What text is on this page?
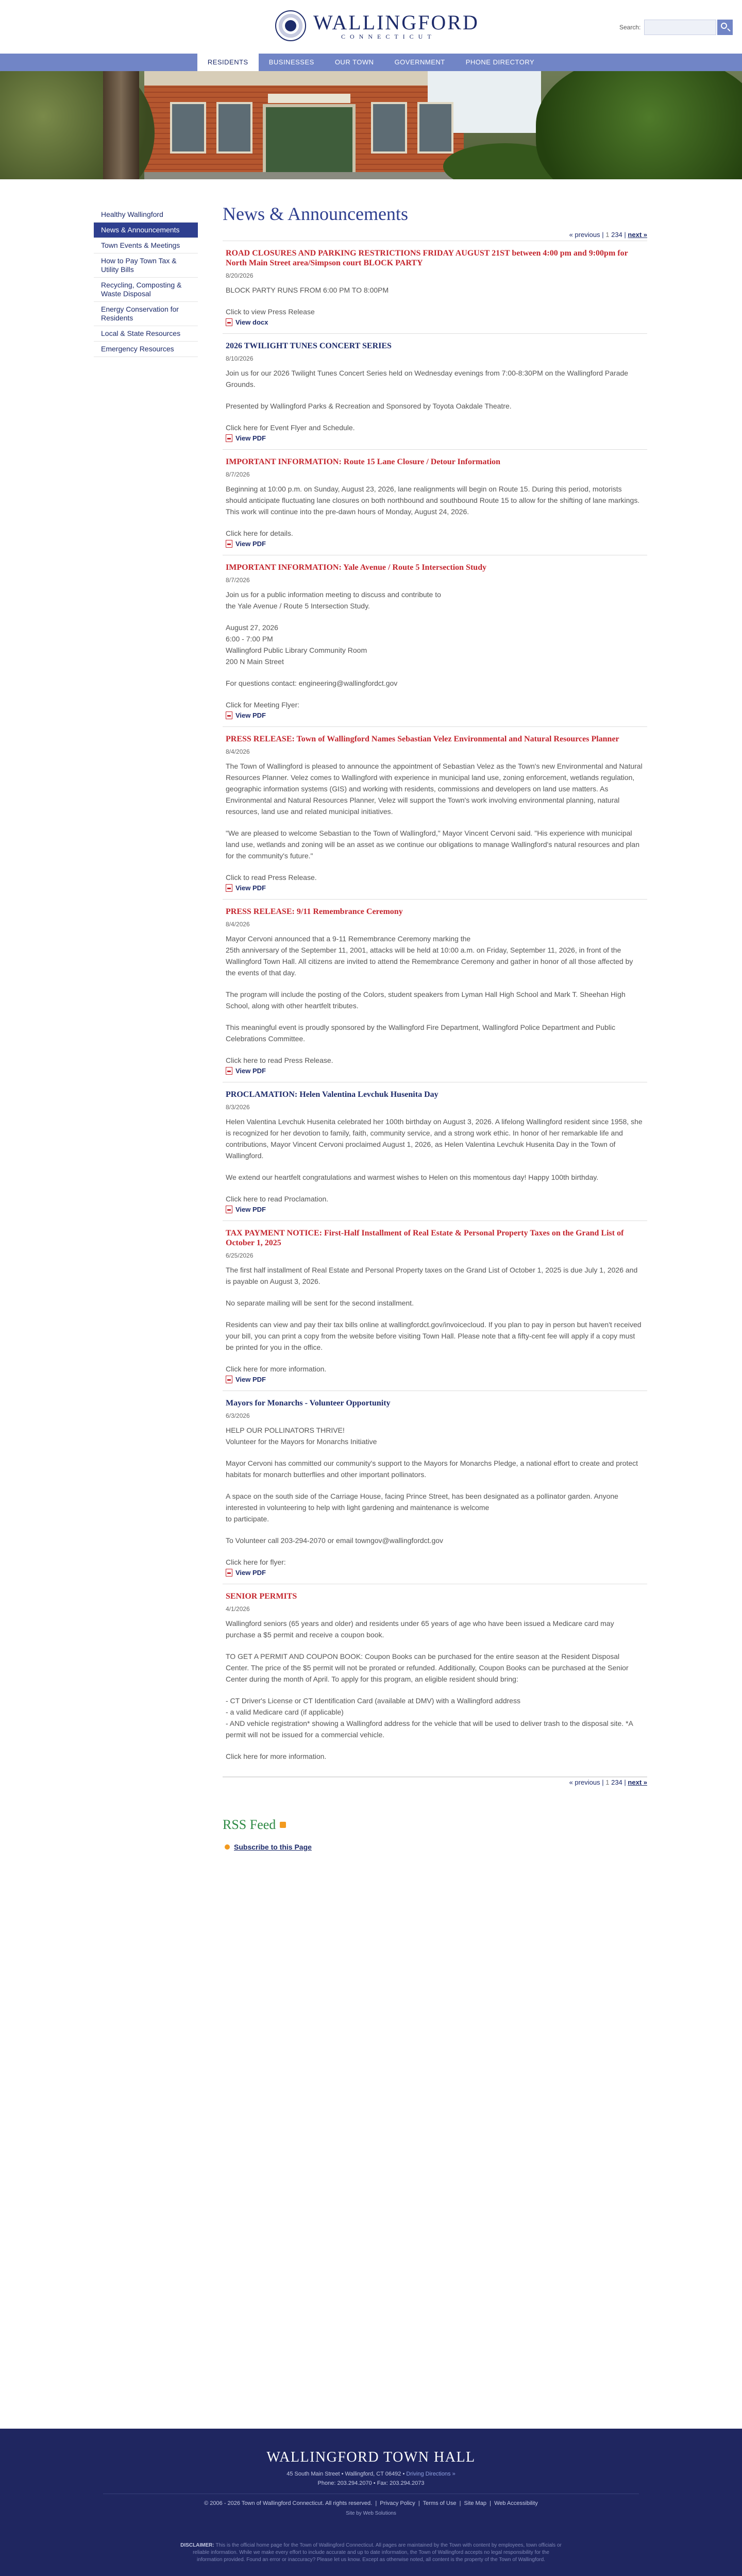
WALLINGFORD
CONNECTICUT
Search:
RESIDENTS	BUSINESSES	OUR TOWN	GOVERNMENT	PHONE DIRECTORY
Healthy Wallingford
News & Announcements
Town Events & Meetings
How to Pay Town Tax & Utility Bills
Recycling, Composting & Waste Disposal
Energy Conservation for Residents
Local & State Resources
Emergency Resources
News & Announcements
« previous | 1 234 | next »
ROAD CLOSURES AND PARKING RESTRICTIONS FRIDAY AUGUST 21ST between 4:00 pm and 9:00pm for North Main Street area/Simpson court BLOCK PARTY
8/20/2026
BLOCK PARTY RUNS FROM 6:00 PM TO 8:00PM
Click to view Press Release
View docx
2026 TWILIGHT TUNES CONCERT SERIES
8/10/2026
Join us for our 2026 Twilight Tunes Concert Series held on Wednesday evenings from 7:00-8:30PM on the Wallingford Parade Grounds.
Presented by Wallingford Parks & Recreation and Sponsored by Toyota Oakdale Theatre.
Click here for Event Flyer and Schedule.
View PDF
IMPORTANT INFORMATION: Route 15 Lane Closure / Detour Information
8/7/2026
Beginning at 10:00 p.m. on Sunday, August 23, 2026, lane realignments will begin on Route 15. During this period, motorists should anticipate fluctuating lane closures on both northbound and southbound Route 15 to allow for the shifting of lane markings. This work will continue into the pre-dawn hours of Monday, August 24, 2026.
Click here for details.
View PDF
IMPORTANT INFORMATION: Yale Avenue / Route 5 Intersection Study
8/7/2026
Join us for a public information meeting to discuss and contribute to
the Yale Avenue / Route 5 Intersection Study.
August 27, 2026
6:00 - 7:00 PM
Wallingford Public Library Community Room
200 N Main Street
For questions contact: engineering@wallingfordct.gov
Click for Meeting Flyer:
View PDF
PRESS RELEASE: Town of Wallingford Names Sebastian Velez Environmental and Natural Resources Planner
8/4/2026
The Town of Wallingford is pleased to announce the appointment of Sebastian Velez as the Town's new Environmental and Natural Resources Planner. Velez comes to Wallingford with experience in municipal land use, zoning enforcement, wetlands regulation, geographic information systems (GIS) and working with residents, commissions and developers on land use matters. As Environmental and Natural Resources Planner, Velez will support the Town's work involving environmental planning, natural resources, land use and related municipal initiatives.
"We are pleased to welcome Sebastian to the Town of Wallingford," Mayor Vincent Cervoni said. "His experience with municipal land use, wetlands and zoning will be an asset as we continue our obligations to manage Wallingford's natural resources and plan for the community's future."
Click to read Press Release.
View PDF
PRESS RELEASE: 9/11 Remembrance Ceremony
8/4/2026
Mayor Cervoni announced that a 9-11 Remembrance Ceremony marking the
25th anniversary of the September 11, 2001, attacks will be held at 10:00 a.m. on Friday, September 11, 2026, in front of the Wallingford Town Hall. All citizens are invited to attend the Remembrance Ceremony and gather in honor of all those affected by the events of that day.
The program will include the posting of the Colors, student speakers from Lyman Hall High School and Mark T. Sheehan High School, along with other heartfelt tributes.
This meaningful event is proudly sponsored by the Wallingford Fire Department, Wallingford Police Department and Public Celebrations Committee.
Click here to read Press Release.
View PDF
PROCLAMATION: Helen Valentina Levchuk Husenita Day
8/3/2026
Helen Valentina Levchuk Husenita celebrated her 100th birthday on August 3, 2026. A lifelong Wallingford resident since 1958, she is recognized for her devotion to family, faith, community service, and a strong work ethic. In honor of her remarkable life and contributions, Mayor Vincent Cervoni proclaimed August 1, 2026, as Helen Valentina Levchuk Husenita Day in the Town of Wallingford.
We extend our heartfelt congratulations and warmest wishes to Helen on this momentous day! Happy 100th birthday.
Click here to read Proclamation.
View PDF
TAX PAYMENT NOTICE: First-Half Installment of Real Estate & Personal Property Taxes on the Grand List of October 1, 2025
6/25/2026
The first half installment of Real Estate and Personal Property taxes on the Grand List of October 1, 2025 is due July 1, 2026 and is payable on August 3, 2026.
No separate mailing will be sent for the second installment.
Residents can view and pay their tax bills online at wallingfordct.gov/invoicecloud. If you plan to pay in person but haven't received your bill, you can print a copy from the website before visiting Town Hall. Please note that a fifty-cent fee will apply if a copy must be printed for you in the office.
Click here for more information.
View PDF
Mayors for Monarchs - Volunteer Opportunity
6/3/2026
HELP OUR POLLINATORS THRIVE!
Volunteer for the Mayors for Monarchs Initiative
Mayor Cervoni has committed our community's support to the Mayors for Monarchs Pledge, a national effort to create and protect habitats for monarch butterflies and other important pollinators.
A space on the south side of the Carriage House, facing Prince Street, has been designated as a pollinator garden. Anyone interested in volunteering to help with light gardening and maintenance is welcome
to participate.
To Volunteer call 203-294-2070 or email towngov@wallingfordct.gov
Click here for flyer:
View PDF
SENIOR PERMITS
4/1/2026
Wallingford seniors (65 years and older) and residents under 65 years of age who have been issued a Medicare card may purchase a $5 permit and receive a coupon book.
TO GET A PERMIT AND COUPON BOOK: Coupon Books can be purchased for the entire season at the Resident Disposal Center. The price of the $5 permit will not be prorated or refunded. Additionally, Coupon Books can be purchased at the Senior Center during the month of April. To apply for this program, an eligible resident should bring:
- CT Driver's License or CT Identification Card (available at DMV) with a Wallingford address
- a valid Medicare card (if applicable)
- AND vehicle registration* showing a Wallingford address for the vehicle that will be used to deliver trash to the disposal site. *A permit will not be issued for a commercial vehicle.
Click here for more information.
« previous | 1 234 | next »
RSS Feed
Subscribe to this Page
WALLINGFORD TOWN HALL
45 South Main Street • Wallingford, CT 06492 • Driving Directions »
Phone: 203.294.2070 • Fax: 203.294.2073
© 2006 - 2026 Town of Wallingford Connecticut. All rights reserved.  |  Privacy Policy  |  Terms of Use  |  Site Map  |  Web Accessibility
Site by Web Solutions
DISCLAIMER: This is the official home page for the Town of Wallingford Connecticut. All pages are maintained by the Town with content by employees, town officials or reliable information. While we make every effort to include accurate and up to date information, the Town of Wallingford accepts no legal responsibility for the information provided. Found an error or inaccuracy? Please let us know. Except as otherwise noted, all content is the property of the Town of Wallingford.
